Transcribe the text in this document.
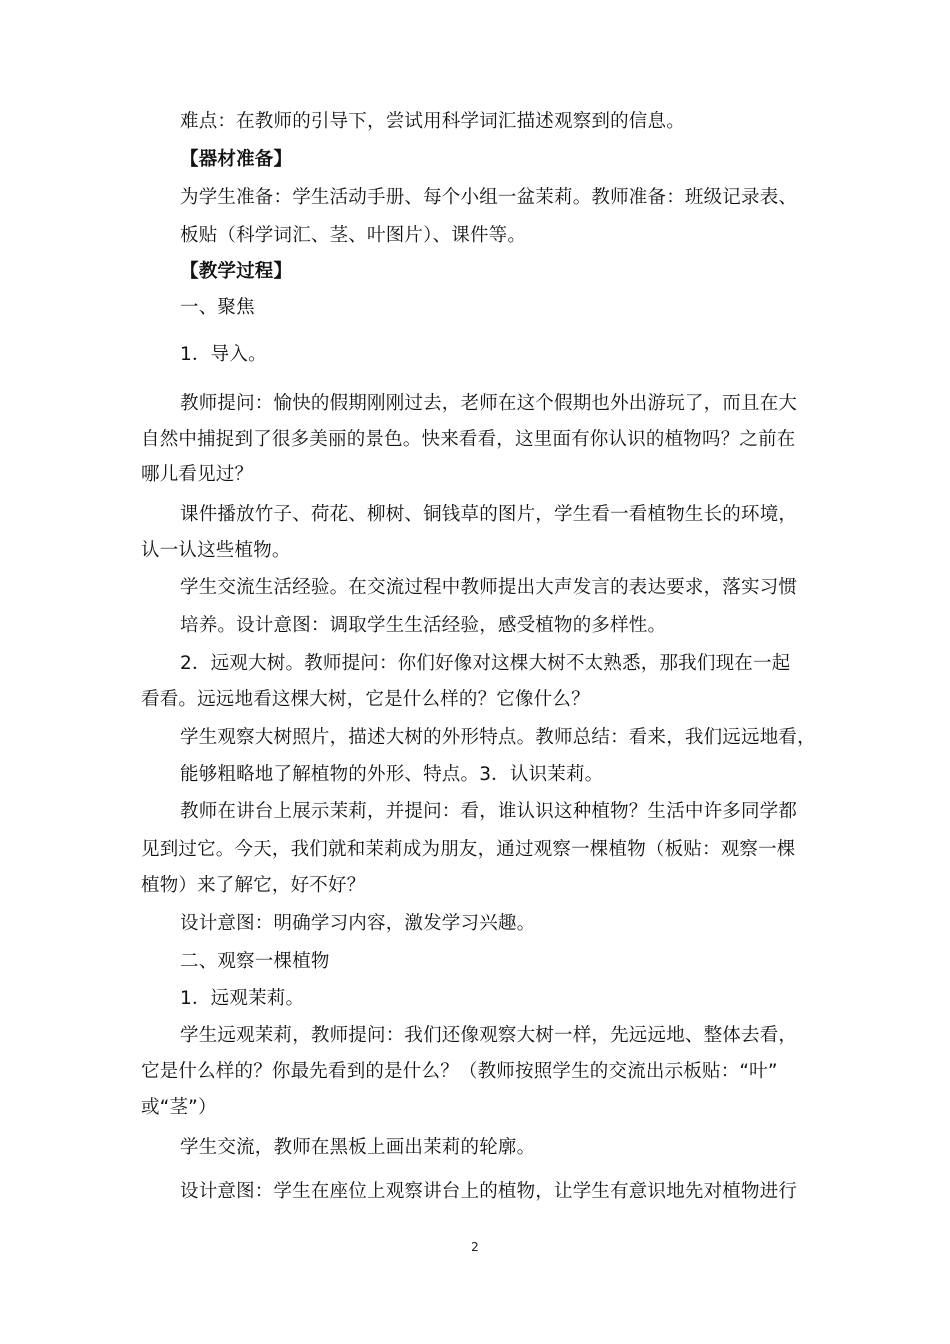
难点：在教师的引导下，尝试用科学词汇描述观察到的信息。
【器材准备】
为学生准备：学生活动手册、每个小组一盆茉莉。教师准备：班级记录表、
板贴（科学词汇、茎、叶图片）、课件等。
【教学过程】
一、聚焦
1．导入。
教师提问：愉快的假期刚刚过去，老师在这个假期也外出游玩了，而且在大
自然中捕捉到了很多美丽的景色。快来看看，这里面有你认识的植物吗？之前在
哪儿看见过？
课件播放竹子、荷花、柳树、铜钱草的图片，学生看一看植物生长的环境，
认一认这些植物。
学生交流生活经验。在交流过程中教师提出大声发言的表达要求，落实习惯
培养。设计意图：调取学生生活经验，感受植物的多样性。
2．远观大树。教师提问：你们好像对这棵大树不太熟悉，那我们现在一起
看看。远远地看这棵大树，它是什么样的？它像什么？
学生观察大树照片，描述大树的外形特点。教师总结：看来，我们远远地看，
能够粗略地了解植物的外形、特点。3．认识茉莉。
教师在讲台上展示茉莉，并提问：看，谁认识这种植物？生活中许多同学都
见到过它。今天，我们就和茉莉成为朋友，通过观察一棵植物（板贴：观察一棵
植物）来了解它，好不好？
设计意图：明确学习内容，激发学习兴趣。
二、观察一棵植物
1．远观茉莉。
学生远观茉莉，教师提问：我们还像观察大树一样，先远远地、整体去看，
它是什么样的？你最先看到的是什么？（教师按照学生的交流出示板贴：“叶”
或“茎”）
学生交流，教师在黑板上画出茉莉的轮廓。
设计意图：学生在座位上观察讲台上的植物，让学生有意识地先对植物进行
2
